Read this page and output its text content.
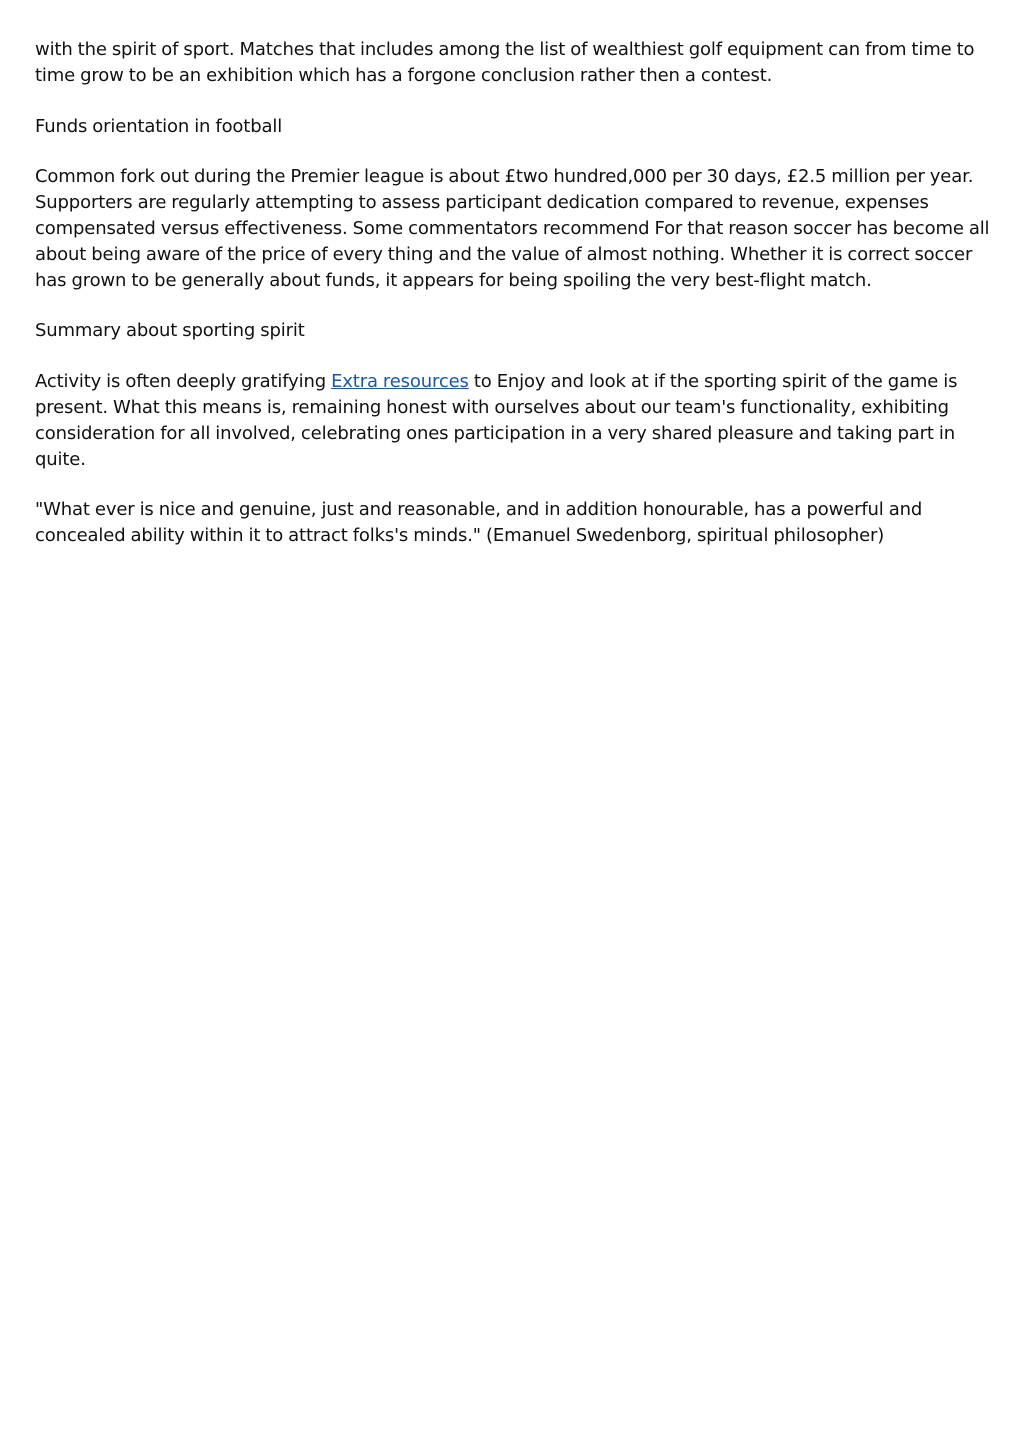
with the spirit of sport. Matches that includes among the list of wealthiest golf equipment can from time to time grow to be an exhibition which has a forgone conclusion rather then a contest.

Funds orientation in football

Common fork out during the Premier league is about £two hundred,000 per 30 days, £2.5 million per year. Supporters are regularly attempting to assess participant dedication compared to revenue, expenses compensated versus effectiveness. Some commentators recommend For that reason soccer has become all about being aware of the price of every thing and the value of almost nothing. Whether it is correct soccer has grown to be generally about funds, it appears for being spoiling the very best-flight match.

Summary about sporting spirit

Activity is often deeply gratifying Extra resources to Enjoy and look at if the sporting spirit of the game is present. What this means is, remaining honest with ourselves about our team's functionality, exhibiting consideration for all involved, celebrating ones participation in a very shared pleasure and taking part in quite.

"What ever is nice and genuine, just and reasonable, and in addition honourable, has a powerful and concealed ability within it to attract folks's minds." (Emanuel Swedenborg, spiritual philosopher)
